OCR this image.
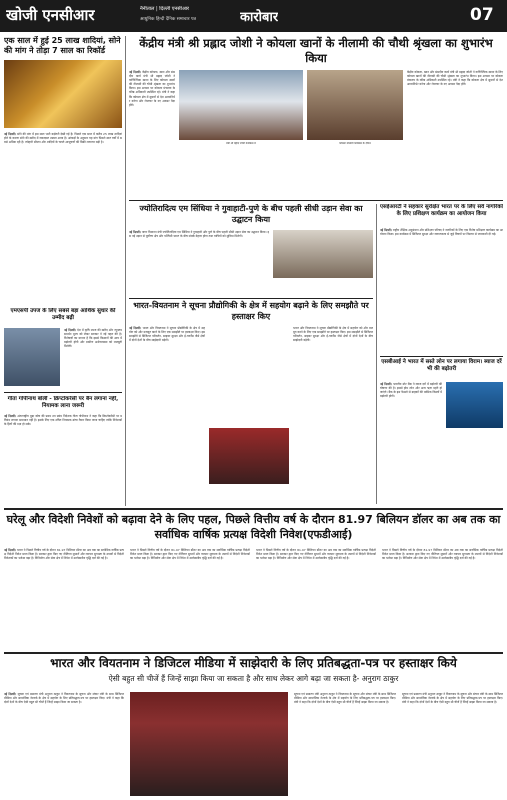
खोजी एनसीआर	नैनीताल | दिल्ली एनसीआर
आधुनिक हिन्दी दैनिक समाचार पत्र	कारोबार	07
एक साल में हुई 25 लाख शादियां, सोने की मांग ने तोड़ा 7 साल का रिकॉर्ड
नई दिल्ली। सोने की मांग में इस साल भारी बढ़ोतरी देखी गई है। पिछले एक साल में करीब 25 लाख शादियां होने के कारण सोने की खरीद में जबरदस्त उछाल आया है। आंकड़ों के अनुसार यह मांग पिछले सात वर्षों में सबसे अधिक रही है। त्योहारी सीजन और शादियों के चलते आभूषणों की बिक्री लगातार बढ़ी है।
एमएसपी उपज के लिए सबसे बड़ा आर्थिक सुधार की उम्मीद बढ़ी
नई दिल्ली। देश में कृषि उपज की खरीद और न्यूनतम समर्थन मूल्य को लेकर सरकार ने नई पहल की है। विशेषज्ञों का मानना है कि इससे किसानों की आय में बढ़ोतरी होगी और ग्रामीण अर्थव्यवस्था को मजबूती मिलेगी।
गीता गोपीनाथ बोलीं - क्रिप्टोकरेंसी पर बैन लगाना नहीं, नियामक लाना जरूरी
नई दिल्ली। अंतरराष्ट्रीय मुद्रा कोष की प्रथम उप प्रबंध निदेशक गीता गोपीनाथ ने कहा कि क्रिप्टोकरेंसी पर प्रतिबंध लगाना समाधान नहीं है। इसके लिए एक उचित नियामक ढांचा तैयार किया जाना चाहिए ताकि निवेशकों के हितों की रक्षा हो सके।
केंद्रीय मंत्री श्री प्रह्लाद जोशी ने कोयला खानों के नीलामी की चौथी श्रृंखला का शुभारंभ किया
नई दिल्ली। केंद्रीय कोयला, खान और संसदीय कार्य मंत्री श्री प्रह्लाद जोशी ने वाणिज्यिक खनन के लिए कोयला खानों की नीलामी की चौथी श्रृंखला का शुभारंभ किया। इस अवसर पर कोयला मंत्रालय के वरिष्ठ अधिकारी उपस्थित रहे। मंत्री ने कहा कि कोयला क्षेत्र में सुधारों से देश आत्मनिर्भर बनेगा और रोजगार के नए अवसर पैदा होंगे।
मंत्री श्री प्रह्लाद जोशी कार्यक्रम में	कोयला नीलामी कार्यक्रम के दौरान
केंद्रीय कोयला, खान और संसदीय कार्य मंत्री श्री प्रह्लाद जोशी ने वाणिज्यिक खनन के लिए कोयला खानों की नीलामी की चौथी श्रृंखला का शुभारंभ किया। इस अवसर पर कोयला मंत्रालय के वरिष्ठ अधिकारी उपस्थित रहे। मंत्री ने कहा कि कोयला क्षेत्र में सुधारों से देश आत्मनिर्भर बनेगा और रोजगार के नए अवसर पैदा होंगे।
ज्योतिरादित्य एम सिंधिया ने गुवाहाटी-पुणे के बीच पहली सीधी उड़ान सेवा का उद्घाटन किया
नई दिल्ली। नागर विमानन मंत्री ज्योतिरादित्य एम सिंधिया ने गुवाहाटी और पुणे के बीच पहली सीधी उड़ान सेवा का उद्घाटन किया। इस नई उड़ान से पूर्वोत्तर क्षेत्र और पश्चिमी भारत के बीच संपर्क बेहतर होगा तथा यात्रियों को सुविधा मिलेगी।
भारत-वियतनाम ने सूचना प्रौद्योगिकी के क्षेत्र में सहयोग बढ़ाने के लिए समझौते पर हस्ताक्षर किए
नई दिल्ली। भारत और वियतनाम ने सूचना प्रौद्योगिकी के क्षेत्र में सहयोग को और मजबूत करने के लिए एक समझौते पर हस्ताक्षर किए। इस समझौते से डिजिटल परिवर्तन, साइबर सुरक्षा और ई-गवर्नेंस जैसे क्षेत्रों में दोनों देशों के बीच साझेदारी बढ़ेगी।
भारत और वियतनाम ने सूचना प्रौद्योगिकी के क्षेत्र में सहयोग को और मजबूत करने के लिए एक समझौते पर हस्ताक्षर किए। इस समझौते से डिजिटल परिवर्तन, साइबर सुरक्षा और ई-गवर्नेंस जैसे क्षेत्रों में दोनों देशों के बीच साझेदारी बढ़ेगी।
एसईआरटी ने सहकार सुरक्षित भारत पर के लिए सर्व नागरिकों के लिए प्रशिक्षण कार्यक्रम का आयोजन किया
नई दिल्ली। राष्ट्रीय शैक्षिक अनुसंधान और प्रशिक्षण परिषद ने नागरिकों के लिए एक विशेष प्रशिक्षण कार्यक्रम का आयोजन किया। इस कार्यक्रम में डिजिटल सुरक्षा और जागरूकता से जुड़े विषयों पर विस्तार से जानकारी दी गई।
एसबीआई ने भारत में सस्ते लोन पर लगाया विराम। ब्याज दरें भी की बढ़ोतरी
नई दिल्ली। भारतीय स्टेट बैंक ने ब्याज दरों में बढ़ोतरी की घोषणा की है। इससे होम लोन और अन्य ऋण महंगे हो जाएंगे। बैंक के इस फैसले से ग्राहकों की मासिक किस्तों में बढ़ोतरी होगी।
घरेलू और विदेशी निवेशों को बढ़ावा देने के लिए पहल, पिछले वित्तीय वर्ष के दौरान 81.97 बिलियन डॉलर का अब तक का सर्वाधिक वार्षिक प्रत्यक्ष विदेशी निवेश(एफडीआई)
नई दिल्ली। भारत ने पिछले वित्तीय वर्ष के दौरान 81.97 बिलियन डॉलर का अब तक का सर्वाधिक वार्षिक प्रत्यक्ष विदेशी निवेश प्राप्त किया है। सरकार द्वारा किए गए नीतिगत सुधारों और व्यापार सुगमता के उपायों से विदेशी निवेशकों का भरोसा बढ़ा है। विनिर्माण और सेवा क्षेत्र में निवेश में उल्लेखनीय वृद्धि दर्ज की गई है।
भारत ने पिछले वित्तीय वर्ष के दौरान 81.97 बिलियन डॉलर का अब तक का सर्वाधिक वार्षिक प्रत्यक्ष विदेशी निवेश प्राप्त किया है। सरकार द्वारा किए गए नीतिगत सुधारों और व्यापार सुगमता के उपायों से विदेशी निवेशकों का भरोसा बढ़ा है। विनिर्माण और सेवा क्षेत्र में निवेश में उल्लेखनीय वृद्धि दर्ज की गई है।
भारत ने पिछले वित्तीय वर्ष के दौरान 81.97 बिलियन डॉलर का अब तक का सर्वाधिक वार्षिक प्रत्यक्ष विदेशी निवेश प्राप्त किया है। सरकार द्वारा किए गए नीतिगत सुधारों और व्यापार सुगमता के उपायों से विदेशी निवेशकों का भरोसा बढ़ा है। विनिर्माण और सेवा क्षेत्र में निवेश में उल्लेखनीय वृद्धि दर्ज की गई है।
भारत ने पिछले वित्तीय वर्ष के दौरान 81.97 बिलियन डॉलर का अब तक का सर्वाधिक वार्षिक प्रत्यक्ष विदेशी निवेश प्राप्त किया है। सरकार द्वारा किए गए नीतिगत सुधारों और व्यापार सुगमता के उपायों से विदेशी निवेशकों का भरोसा बढ़ा है। विनिर्माण और सेवा क्षेत्र में निवेश में उल्लेखनीय वृद्धि दर्ज की गई है।
भारत और वियतनाम ने डिजिटल मीडिया में साझेदारी के लिए प्रतिबद्धता-पत्र पर हस्ताक्षर किये
ऐसी बहुत सी चीजें हैं जिन्हें साझा किया जा सकता है और साथ लेकर आगे बढ़ा जा सकता है- अनुराग ठाकुर
नई दिल्ली। सूचना एवं प्रसारण मंत्री अनुराग ठाकुर ने वियतनाम के सूचना और संचार मंत्री के साथ डिजिटल मीडिया और सामाजिक नेटवर्क के क्षेत्र में सहयोग के लिए प्रतिबद्धता-पत्र पर हस्ताक्षर किए। मंत्री ने कहा कि दोनों देशों के बीच ऐसी बहुत सी चीजें हैं जिन्हें साझा किया जा सकता है।
सूचना एवं प्रसारण मंत्री अनुराग ठाकुर ने वियतनाम के सूचना और संचार मंत्री के साथ डिजिटल मीडिया और सामाजिक नेटवर्क के क्षेत्र में सहयोग के लिए प्रतिबद्धता-पत्र पर हस्ताक्षर किए। मंत्री ने कहा कि दोनों देशों के बीच ऐसी बहुत सी चीजें हैं जिन्हें साझा किया जा सकता है।
सूचना एवं प्रसारण मंत्री अनुराग ठाकुर ने वियतनाम के सूचना और संचार मंत्री के साथ डिजिटल मीडिया और सामाजिक नेटवर्क के क्षेत्र में सहयोग के लिए प्रतिबद्धता-पत्र पर हस्ताक्षर किए। मंत्री ने कहा कि दोनों देशों के बीच ऐसी बहुत सी चीजें हैं जिन्हें साझा किया जा सकता है।
